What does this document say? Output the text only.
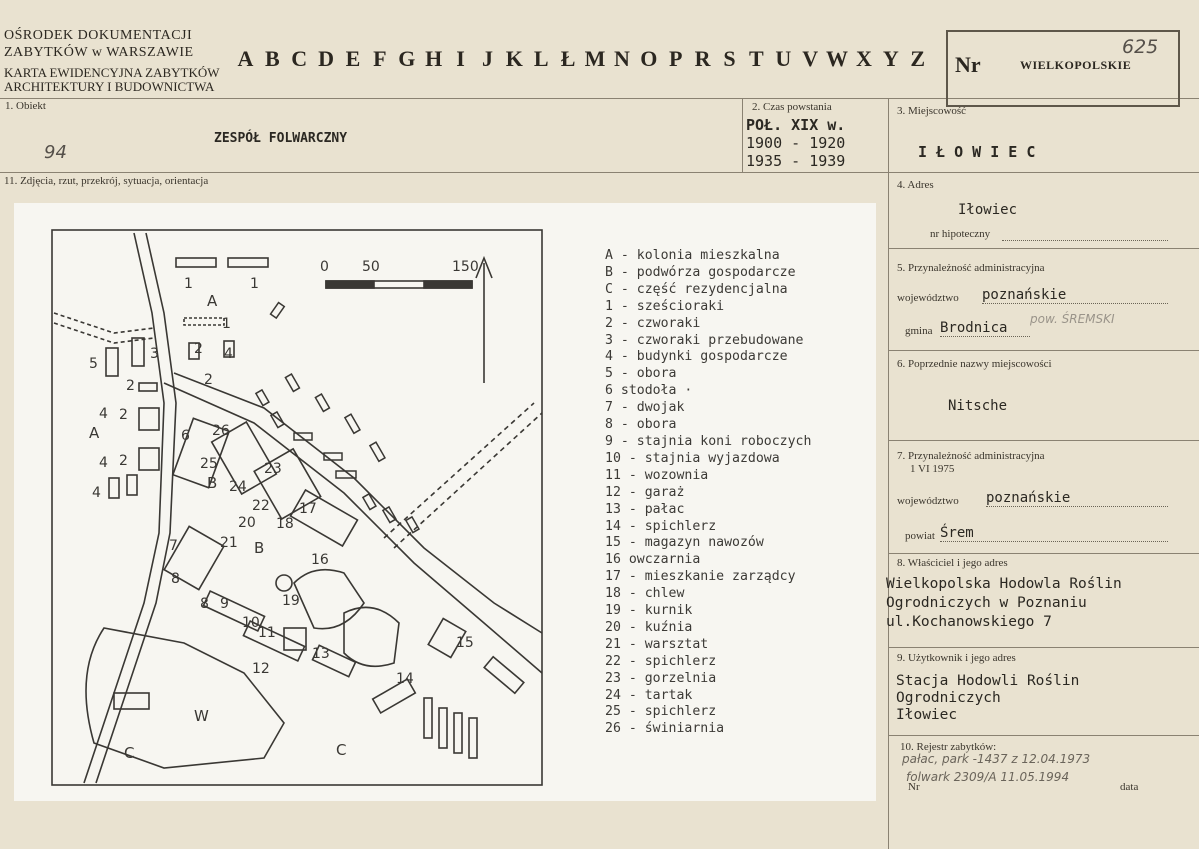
OŚRODEK DOKUMENTACJI
ZABYTKÓW w WARSZAWIE
KARTA EWIDENCYJNA ZABYTKÓW
ARCHITEKTURY I BUDOWNICTWA
A B C D E F G H I J K L Ł M N O P R S T U V W X Y Z Nr	WIELKOPOLSKIE
625
1. Obiekt
ZESPÓŁ FOLWARCZNY
94
2. Czas powstania
POŁ. XIX w.
1900 - 1920
1935 - 1939
3. Miejscowość
I Ł O W I E C
11. Zdjęcia, rzut, przekrój, sytuacja, orientacja	4. Adres
Iłowiec
nr hipoteczny
5. Przynależność administracyjna
województwo poznańskie
gmina Brodnica
pow. ŚREMSKI
6. Poprzednie nazwy miejscowości
Nitsche
7. Przynależność administracyjna
1 VI 1975
województwo poznańskie
powiat Śrem
8. Właściciel i jego adres
Wielkopolska Hodowla Roślin
Ogrodniczych w Poznaniu
ul.Kochanowskiego 7
9. Użytkownik i jego adres
Stacja Hodowli Roślin
Ogrodniczych
Iłowiec
10. Rejestr zabytków:
pałac, park -1437 z 12.04.1973
folwark 2309/A 11.05.1994
Nr	data
1	1
1
2 4
5
3
2
4 2
4 2
4
2
6 26
25	23
24
22 17
20 18
7	21
16
8
8 9
10
11
12
13
19
15
14
A
A
B
B
C	C
W
0 50	150
A - kolonia mieszkalna
B - podwórza gospodarcze
C - część rezydencjalna
1 - sześcioraki
2 - czworaki
3 - czworaki przebudowane
4 - budynki gospodarcze
5 - obora
6 stodoła ·
7 - dwojak
8 - obora
9 - stajnia koni roboczych
10 - stajnia wyjazdowa
11 - wozownia
12 - garaż
13 - pałac
14 - spichlerz
15 - magazyn nawozów
16 owczarnia
17 - mieszkanie zarządcy
18 - chlew
19 - kurnik
20 - kuźnia
21 - warsztat
22 - spichlerz
23 - gorzelnia
24 - tartak
25 - spichlerz
26 - świniarnia
